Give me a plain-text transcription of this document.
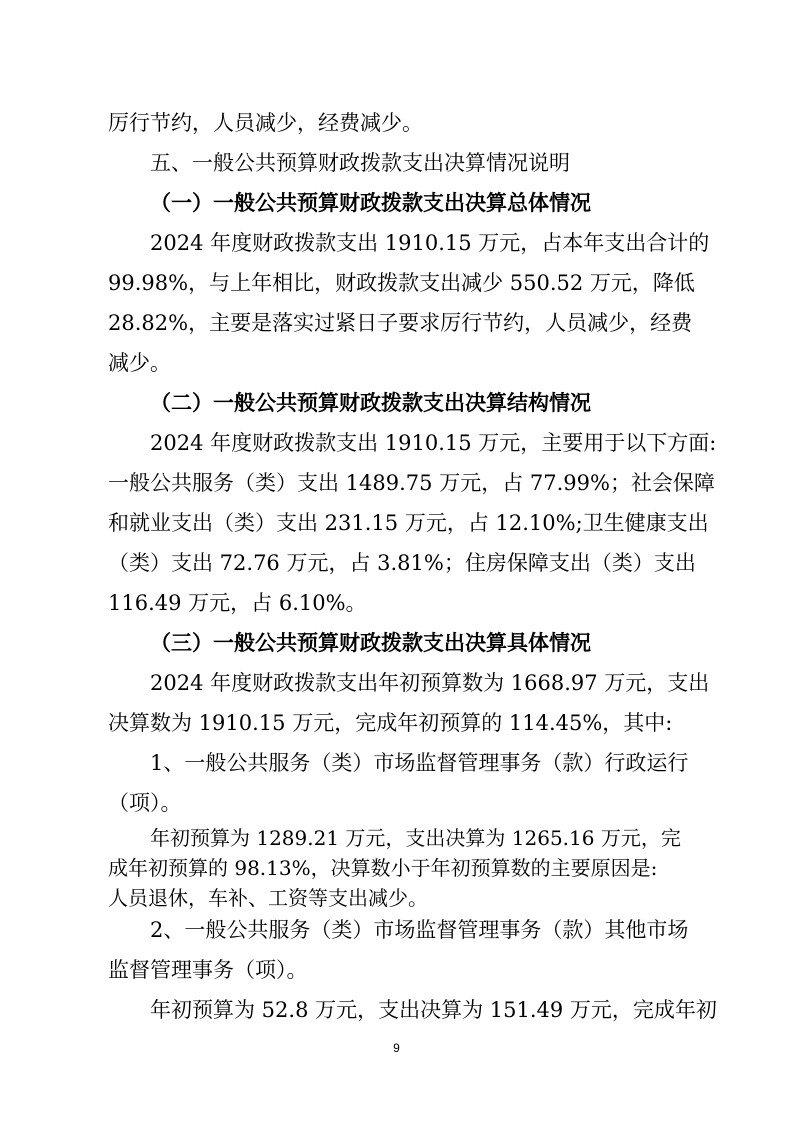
厉行节约，人员减少，经费减少。
五、一般公共预算财政拨款支出决算情况说明
（一）一般公共预算财政拨款支出决算总体情况
2024 年度财政拨款支出 1910.15 万元，占本年支出合计的
99.98%，与上年相比，财政拨款支出减少 550.52 万元，降低
28.82%，主要是落实过紧日子要求厉行节约，人员减少，经费
减少。
（二）一般公共预算财政拨款支出决算结构情况
2024 年度财政拨款支出 1910.15 万元，主要用于以下方面:
一般公共服务（类）支出 1489.75 万元，占 77.99%；社会保障
和就业支出（类）支出 231.15 万元，占 12.10%;卫生健康支出
（类）支出 72.76 万元，占 3.81%；住房保障支出（类）支出
116.49 万元，占 6.10%。
（三）一般公共预算财政拨款支出决算具体情况
2024 年度财政拨款支出年初预算数为 1668.97 万元，支出
决算数为 1910.15 万元，完成年初预算的 114.45%，其中:
1、一般公共服务（类）市场监督管理事务（款）行政运行
（项）。
年初预算为 1289.21 万元，支出决算为 1265.16 万元，完
成年初预算的 98.13%，决算数小于年初预算数的主要原因是:
人员退休，车补、工资等支出减少。
2、一般公共服务（类）市场监督管理事务（款）其他市场
监督管理事务（项）。
年初预算为 52.8 万元，支出决算为 151.49 万元，完成年初
9
